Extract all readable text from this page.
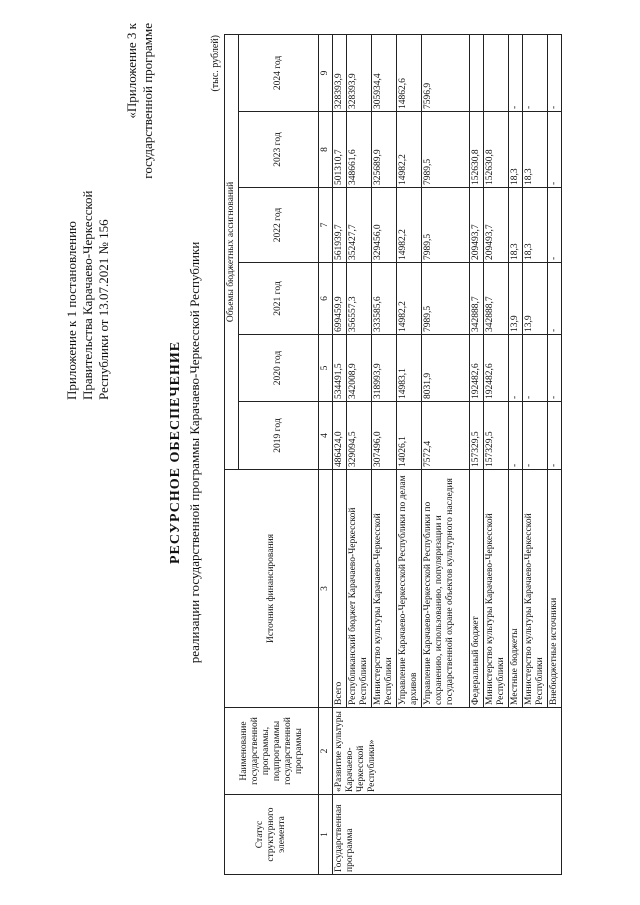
Приложение к 1 постановлению Правительства Карачаево-Черкесской Республики от 13.07.2021 № 156
«Приложение 3 к государственной программе
РЕСУРСНОЕ ОБЕСПЕЧЕНИЕ реализации государственной программы Карачаево-Черкесской Республики
(тыс. рублей)
Статус структурного элемента	Наименование государственной программы, подпрограммы государственной программы	Источник финансирования	Объемы бюджетных ассигнований					
			2019 год	2020 год	2021 год	2022 год	2023 год	2024 год
1	2	3	4	5	6	7	8	9
Государственная программа	«Развитие культуры Карачаево-Черкесской Республики»	Всего	486424,0	534491,5	699459,9	561939,7	501310,7	328393,9
		Республиканский бюджет Карачаево-Черкесской Республики	329094,5	342008,9	356557,3	352427,7	348661,6	328393,9
		Министерство культуры Карачаево-Черкесской Республики	307496,0	318993,9	333585,6	329456,0	325689,9	305934,4
		Управление Карачаево-Черкесской Республики по делам архивов	14026,1	14983,1	14982,2	14982,2	14982,2	14862,6
		Управление Карачаево-Черкесской Республики по сохранению, использованию, популяризации и государственной охране объектов культурного наследия	7572,4	8031,9	7989,5	7989,5	7989,5	7596,9
		Федеральный бюджет	157329,5	192482,6	342888,7	209493,7	152630,8	
		Министерство культуры Карачаево-Черкесской Республики	157329,5	192482,6	342888,7	209493,7	152630,8	
		Местные бюджеты	-	-	13,9	18,3	18,3	-
		Министерство культуры Карачаево-Черкесской Республики	-	-	13,9	18,3	18,3	-
		Внебюджетные источники	-	-	-	-	-	-
